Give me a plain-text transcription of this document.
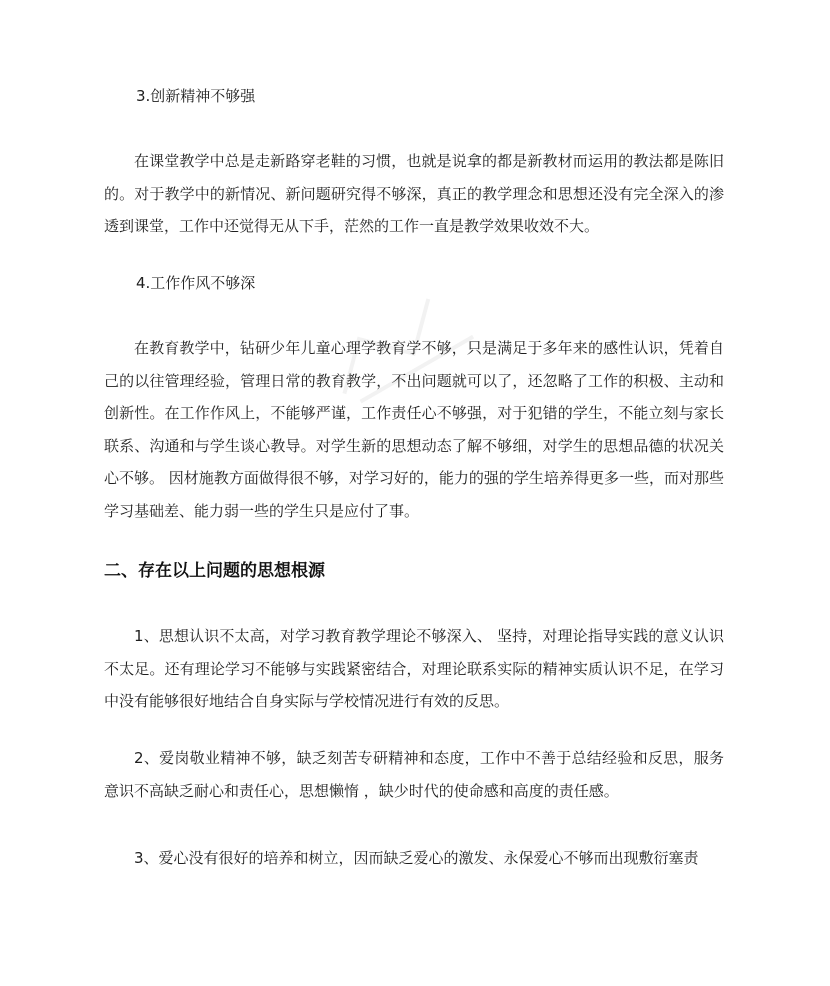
3.创新精神不够强

在课堂教学中总是走新路穿老鞋的习惯，也就是说拿的都是新教材而运用的教法都是陈旧的。对于教学中的新情况、新问题研究得不够深，真正的教学理念和思想还没有完全深入的渗透到课堂，工作中还觉得无从下手，茫然的工作一直是教学效果收效不大。

4.工作作风不够深

在教育教学中，钻研少年儿童心理学教育学不够，只是满足于多年来的感性认识，凭着自己的以往管理经验，管理日常的教育教学，不出问题就可以了，还忽略了工作的积极、主动和创新性。在工作作风上，不能够严谨，工作责任心不够强，对于犯错的学生，不能立刻与家长联系、沟通和与学生谈心教导。对学生新的思想动态了解不够细，对学生的思想品德的状况关心不够。 因材施教方面做得很不够，对学习好的，能力的强的学生培养得更多一些，而对那些学习基础差、能力弱一些的学生只是应付了事。

二、存在以上问题的思想根源

1、思想认识不太高，对学习教育教学理论不够深入、 坚持，对理论指导实践的意义认识不太足。还有理论学习不能够与实践紧密结合，对理论联系实际的精神实质认识不足，在学习中没有能够很好地结合自身实际与学校情况进行有效的反思。

2、爱岗敬业精神不够，缺乏刻苦专研精神和态度，工作中不善于总结经验和反思，服务意识不高缺乏耐心和责任心，思想懒惰 ，缺少时代的使命感和高度的责任感。

3、爱心没有很好的培养和树立，因而缺乏爱心的激发、永保爱心不够而出现敷衍塞责
